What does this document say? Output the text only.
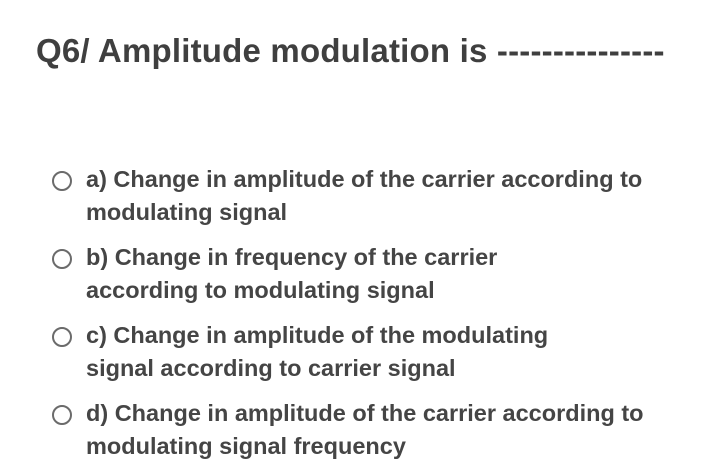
Q6/ Amplitude modulation is ---------------
a) Change in amplitude of the carrier according to modulating signal
b) Change in frequency of the carrier according to modulating signal
c) Change in amplitude of the modulating signal according to carrier signal
d) Change in amplitude of the carrier according to modulating signal frequency
